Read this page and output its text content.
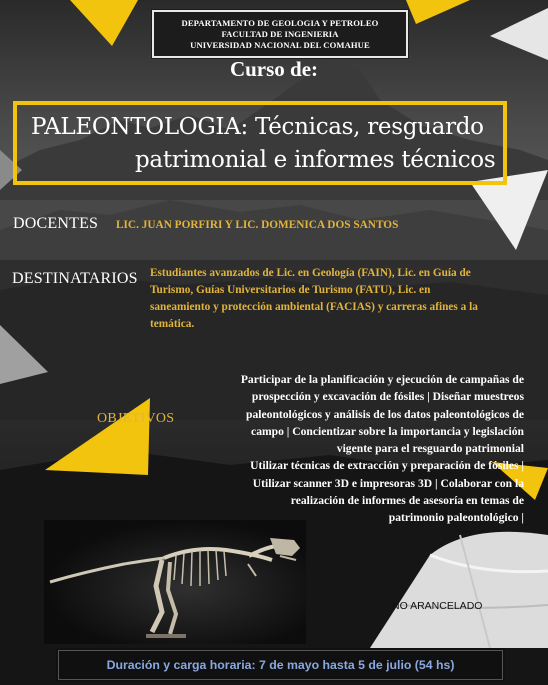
DEPARTAMENTO DE GEOLOGIA Y PETROLEO
FACULTAD DE INGENIERIA
UNIVERSIDAD NACIONAL DEL COMAHUE
Curso de:
PALEONTOLOGIA: Técnicas, resguardo
patrimonial e informes técnicos
DOCENTES LIC. JUAN PORFIRI Y LIC. DOMENICA DOS SANTOS
DESTINATARIOS Estudiantes avanzados de Lic. en Geología (FAIN), Lic. en Guía de
Turismo, Guías Universitarios de Turismo (FATU), Lic. en
saneamiento y protección ambiental (FACIAS) y carreras afines a la
temática.
OBJETIVOS
Participar de la planificación y ejecución de campañas de
prospección y excavación de fósiles | Diseñar muestreos
paleontológicos y análisis de los datos paleontológicos de
campo | Concientizar sobre la importancia y legislación
vigente para el resguardo patrimonial
Utilizar técnicas de extracción y preparación de fósiles |
Utilizar scanner 3D e impresoras 3D | Colaborar con la
realización de informes de asesoría en temas de
patrimonio paleontológico |
NO ARANCELADO
Duración y carga horaria: 7 de mayo hasta 5 de julio (54 hs)
